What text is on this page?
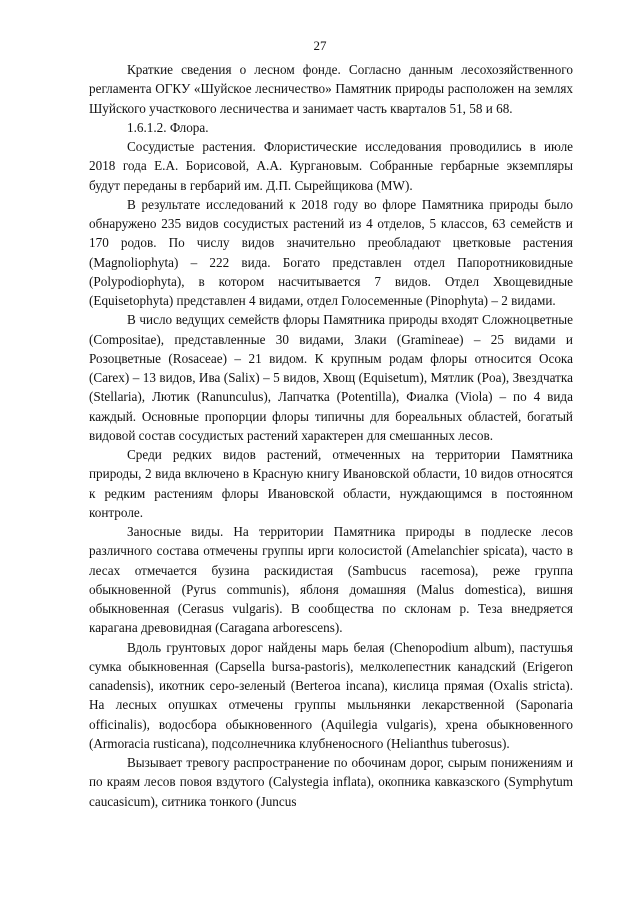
27

Краткие сведения о лесном фонде. Согласно данным лесохозяйственного регламента ОГКУ «Шуйское лесничество» Памятник природы расположен на землях Шуйского участкового лесничества и занимает часть кварталов 51, 58 и 68.

1.6.1.2. Флора.

Сосудистые растения. Флористические исследования проводились в июле 2018 года Е.А. Борисовой, А.А. Кургановым. Собранные гербарные экземпляры будут переданы в гербарий им. Д.П. Сырейщикова (MW).

В результате исследований к 2018 году во флоре Памятника природы было обнаружено 235 видов сосудистых растений из 4 отделов, 5 классов, 63 семейств и 170 родов. По числу видов значительно преобладают цветковые растения (Magnoliophyta) – 222 вида. Богато представлен отдел Папоротниковидные (Polypodiophyta), в котором насчитывается 7 видов. Отдел Хвощевидные (Equisetophyta) представлен 4 видами, отдел Голосеменные (Pinophyta) – 2 видами.

В число ведущих семейств флоры Памятника природы входят Сложноцветные (Compositae), представленные 30 видами, Злаки (Gramineae) – 25 видами и Розоцветные (Rosaceae) – 21 видом. К крупным родам флоры относится Осока (Carex) – 13 видов, Ива (Salix) – 5 видов, Хвощ (Equisetum), Мятлик (Poa), Звездчатка (Stellaria), Лютик (Ranunculus), Лапчатка (Potentilla), Фиалка (Viola) – по 4 вида каждый. Основные пропорции флоры типичны для бореальных областей, богатый видовой состав сосудистых растений характерен для смешанных лесов.

Среди редких видов растений, отмеченных на территории Памятника природы, 2 вида включено в Красную книгу Ивановской области, 10 видов относятся к редким растениям флоры Ивановской области, нуждающимся в постоянном контроле.

Заносные виды. На территории Памятника природы в подлеске лесов различного состава отмечены группы ирги колосистой (Amelanchier spicata), часто в лесах отмечается бузина раскидистая (Sambucus racemosa), реже группа обыкновенной (Pyrus communis), яблоня домашняя (Malus domestica), вишня обыкновенная (Cerasus vulgaris). В сообщества по склонам р. Теза внедряется карагана древовидная (Caragana arborescens).

Вдоль грунтовых дорог найдены марь белая (Chenopodium album), пастушья сумка обыкновенная (Capsella bursa-pastoris), мелколепестник канадский (Erigeron canadensis), икотник серо-зеленый (Berteroa incana), кислица прямая (Oxalis stricta). На лесных опушках отмечены группы мыльнянки лекарственной (Saponaria officinalis), водосбора обыкновенного (Aquilegia vulgaris), хрена обыкновенного (Armoracia rusticana), подсолнечника клубненосного (Helianthus tuberosus).

Вызывает тревогу распространение по обочинам дорог, сырым понижениям и по краям лесов повоя вздутого (Calystegia inflata), окопника кавказского (Symphytum caucasicum), ситника тонкого (Juncus
